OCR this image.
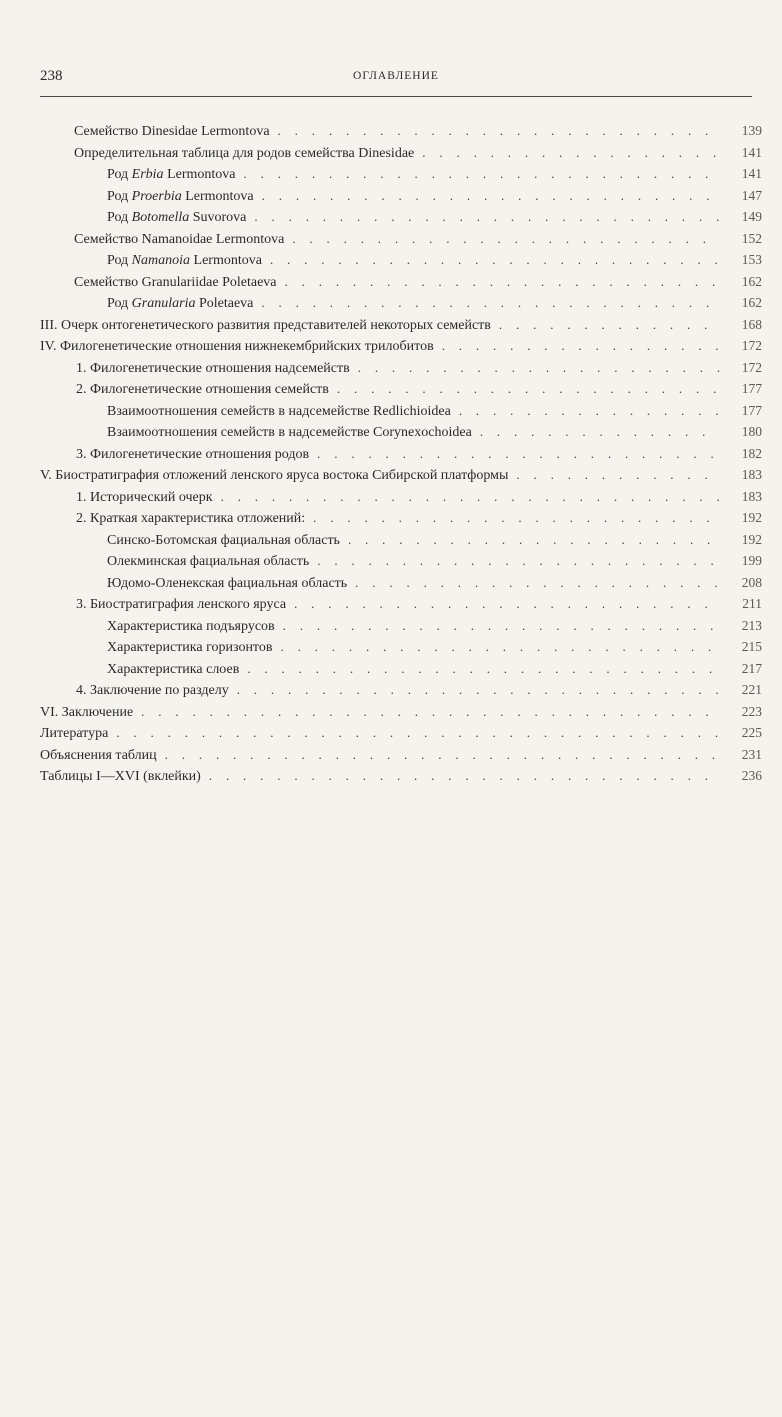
238	ОГЛАВЛЕНИЕ
Семейство Dinesidae Lermontova . . .	139
Определительная таблица для родов семейства Dinesidae . . .	141
Род Erbia Lermontova . . .	141
Род Proerbia Lermontova . . .	147
Род Botomella Suvorova . . .	149
Семейство Namanoidae Lermontova . . .	152
Род Namanoia Lermontova . . .	153
Семейство Granulariidae Poletaeva . . .	162
Род Granularia Poletaeva . . .	162
III. Очерк онтогенетического развития представителей некоторых семейств . . .	168
IV. Филогенетические отношения нижнекембрийских трилобитов . . .	172
1. Филогенетические отношения надсемейств . . .	172
2. Филогенетические отношения семейств . . .	177
Взаимоотношения семейств в надсемействе Redlichioidea . . .	177
Взаимоотношения семейств в надсемействе Corynexochoidea . . .	180
3. Филогенетические отношения родов . . .	182
V. Биостратиграфия отложений ленского яруса востока Сибирской платформы . . .	183
1. Исторический очерк . . .	183
2. Краткая характеристика отложений: . . .	192
Синско-Ботомская фациальная область . . .	192
Олекминская фациальная область . . .	199
Юдомо-Оленекская фациальная область . . .	208
3. Биостратиграфия ленского яруса . . .	211
Характеристика подъярусов . . .	213
Характеристика горизонтов . . .	215
Характеристика слоев . . .	217
4. Заключение по разделу . . .	221
VI. Заключение . . .	223
Литература . . .	225
Объяснения таблиц . . .	231
Таблицы I—XVI (вклейки) . . .	236
